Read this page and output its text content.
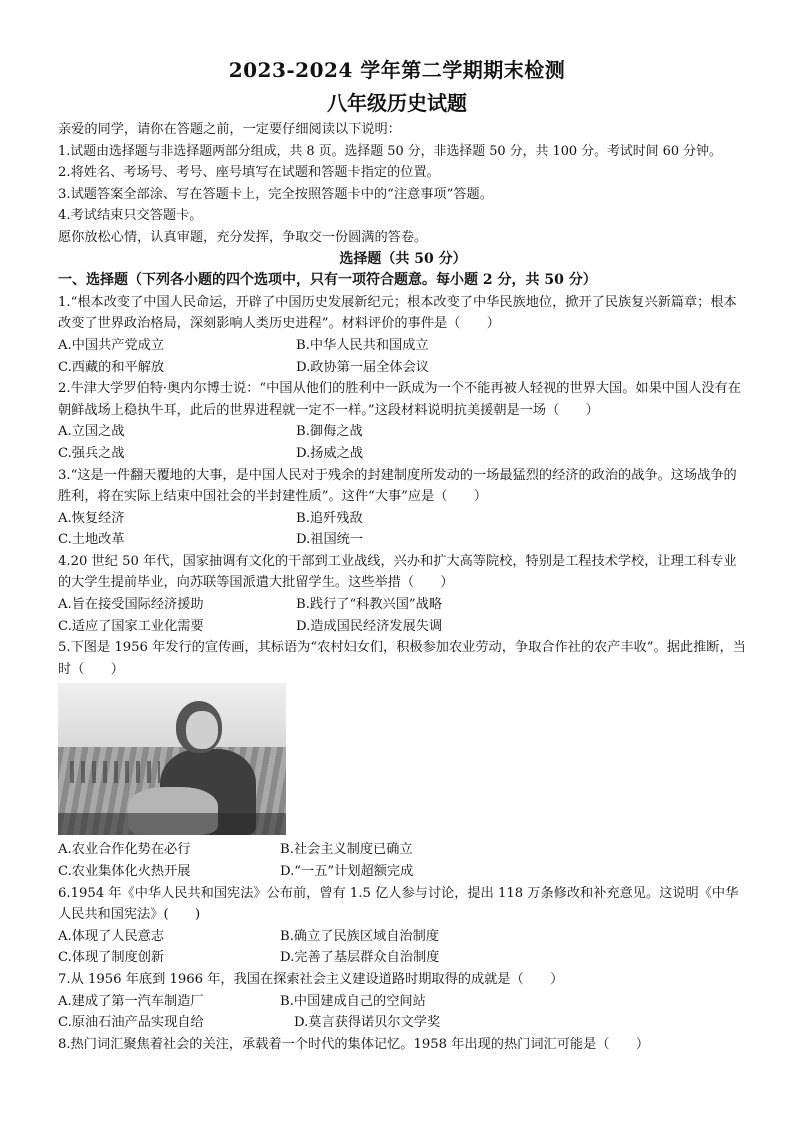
2023-2024 学年第二学期期末检测
八年级历史试题
亲爱的同学，请你在答题之前，一定要仔细阅读以下说明：
1.试题由选择题与非选择题两部分组成，共 8 页。选择题 50 分，非选择题 50 分，共 100 分。考试时间 60 分钟。
2.将姓名、考场号、考号、座号填写在试题和答题卡指定的位置。
3.试题答案全部涂、写在答题卡上，完全按照答题卡中的“注意事项”答题。
4.考试结束只交答题卡。
愿你放松心情，认真审题，充分发挥，争取交一份圆满的答卷。
选择题（共 50 分）
一、选择题（下列各小题的四个选项中，只有一项符合题意。每小题 2 分，共 50 分）
1.“根本改变了中国人民命运，开辟了中国历史发展新纪元；根本改变了中华民族地位，掀开了民族复兴新篇章；根本改变了世界政治格局，深刻影响人类历史进程”。材料评价的事件是（　　）
A.中国共产党成立	B.中华人民共和国成立
C.西藏的和平解放	D.政协第一届全体会议
2.牛津大学罗伯特·奥内尔博士说：“中国从他们的胜利中一跃成为一个不能再被人轻视的世界大国。如果中国人没有在朝鲜战场上稳执牛耳，此后的世界进程就一定不一样。”这段材料说明抗美援朝是一场（　　）
A.立国之战	B.御侮之战
C.强兵之战	D.扬威之战
3.“这是一件翻天覆地的大事，是中国人民对于残余的封建制度所发动的一场最猛烈的经济的政治的战争。这场战争的胜利，将在实际上结束中国社会的半封建性质”。这件“大事”应是（　　）
A.恢复经济	B.追歼残敌
C.土地改革	D.祖国统一
4.20 世纪 50 年代，国家抽调有文化的干部到工业战线，兴办和扩大高等院校，特别是工程技术学校，让理工科专业的大学生提前毕业，向苏联等国派遣大批留学生。这些举措（　　）
A.旨在接受国际经济援助	B.践行了“科教兴国”战略
C.适应了国家工业化需要	D.造成国民经济发展失调
5.下图是 1956 年发行的宣传画，其标语为“农村妇女们，积极参加农业劳动，争取合作社的农产丰收”。据此推断，当时（　　）
A.农业合作化势在必行	B.社会主义制度已确立
C.农业集体化火热开展	D.“一五”计划超额完成
6.1954 年《中华人民共和国宪法》公布前，曾有 1.5 亿人参与讨论，提出 118 万条修改和补充意见。这说明《中华人民共和国宪法》(　　)
A.体现了人民意志	B.确立了民族区域自治制度
C.体现了制度创新	D.完善了基层群众自治制度
7.从 1956 年底到 1966 年，我国在探索社会主义建设道路时期取得的成就是（　　）
A.建成了第一汽车制造厂	B.中国建成自己的空间站
C.原油石油产品实现自给	D.莫言获得诺贝尔文学奖
8.热门词汇聚焦着社会的关注，承载着一个时代的集体记忆。1958 年出现的热门词汇可能是（　　）
